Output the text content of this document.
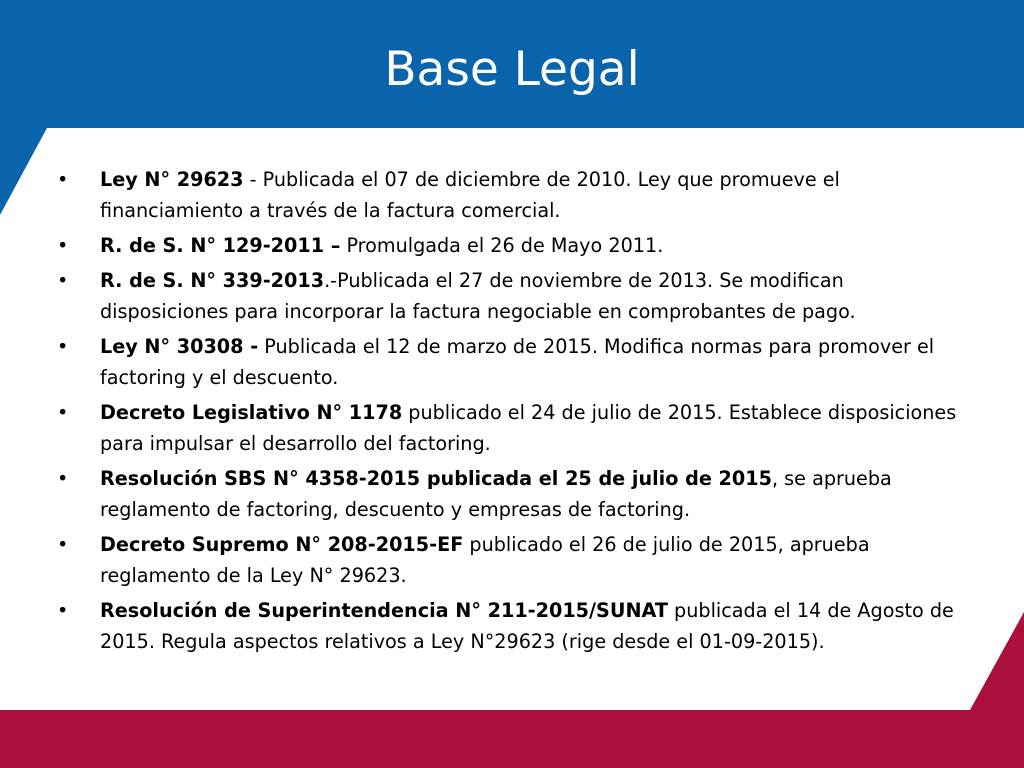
Base Legal
•	Ley N° 29623 - Publicada el 07 de diciembre de 2010. Ley que promueve el financiamiento a través de la factura comercial.
•	R. de S. N° 129-2011 – Promulgada el 26 de Mayo 2011.
•	R. de S. N° 339-2013.-Publicada el 27 de noviembre de 2013. Se modifican disposiciones para incorporar la factura negociable en comprobantes de pago.
•	Ley N° 30308 - Publicada el 12 de marzo de 2015. Modifica normas para promover el factoring y el descuento.
•	Decreto Legislativo N° 1178 publicado el 24 de julio de 2015. Establece disposiciones para impulsar el desarrollo del factoring.
•	Resolución SBS N° 4358-2015 publicada el 25 de julio de 2015, se aprueba reglamento de factoring, descuento y empresas de factoring.
•	Decreto Supremo N° 208-2015-EF publicado el 26 de julio de 2015, aprueba reglamento de la Ley N° 29623.
•	Resolución de Superintendencia N° 211-2015/SUNAT publicada el 14 de Agosto de 2015. Regula aspectos relativos a Ley N°29623 (rige desde el 01-09-2015).
